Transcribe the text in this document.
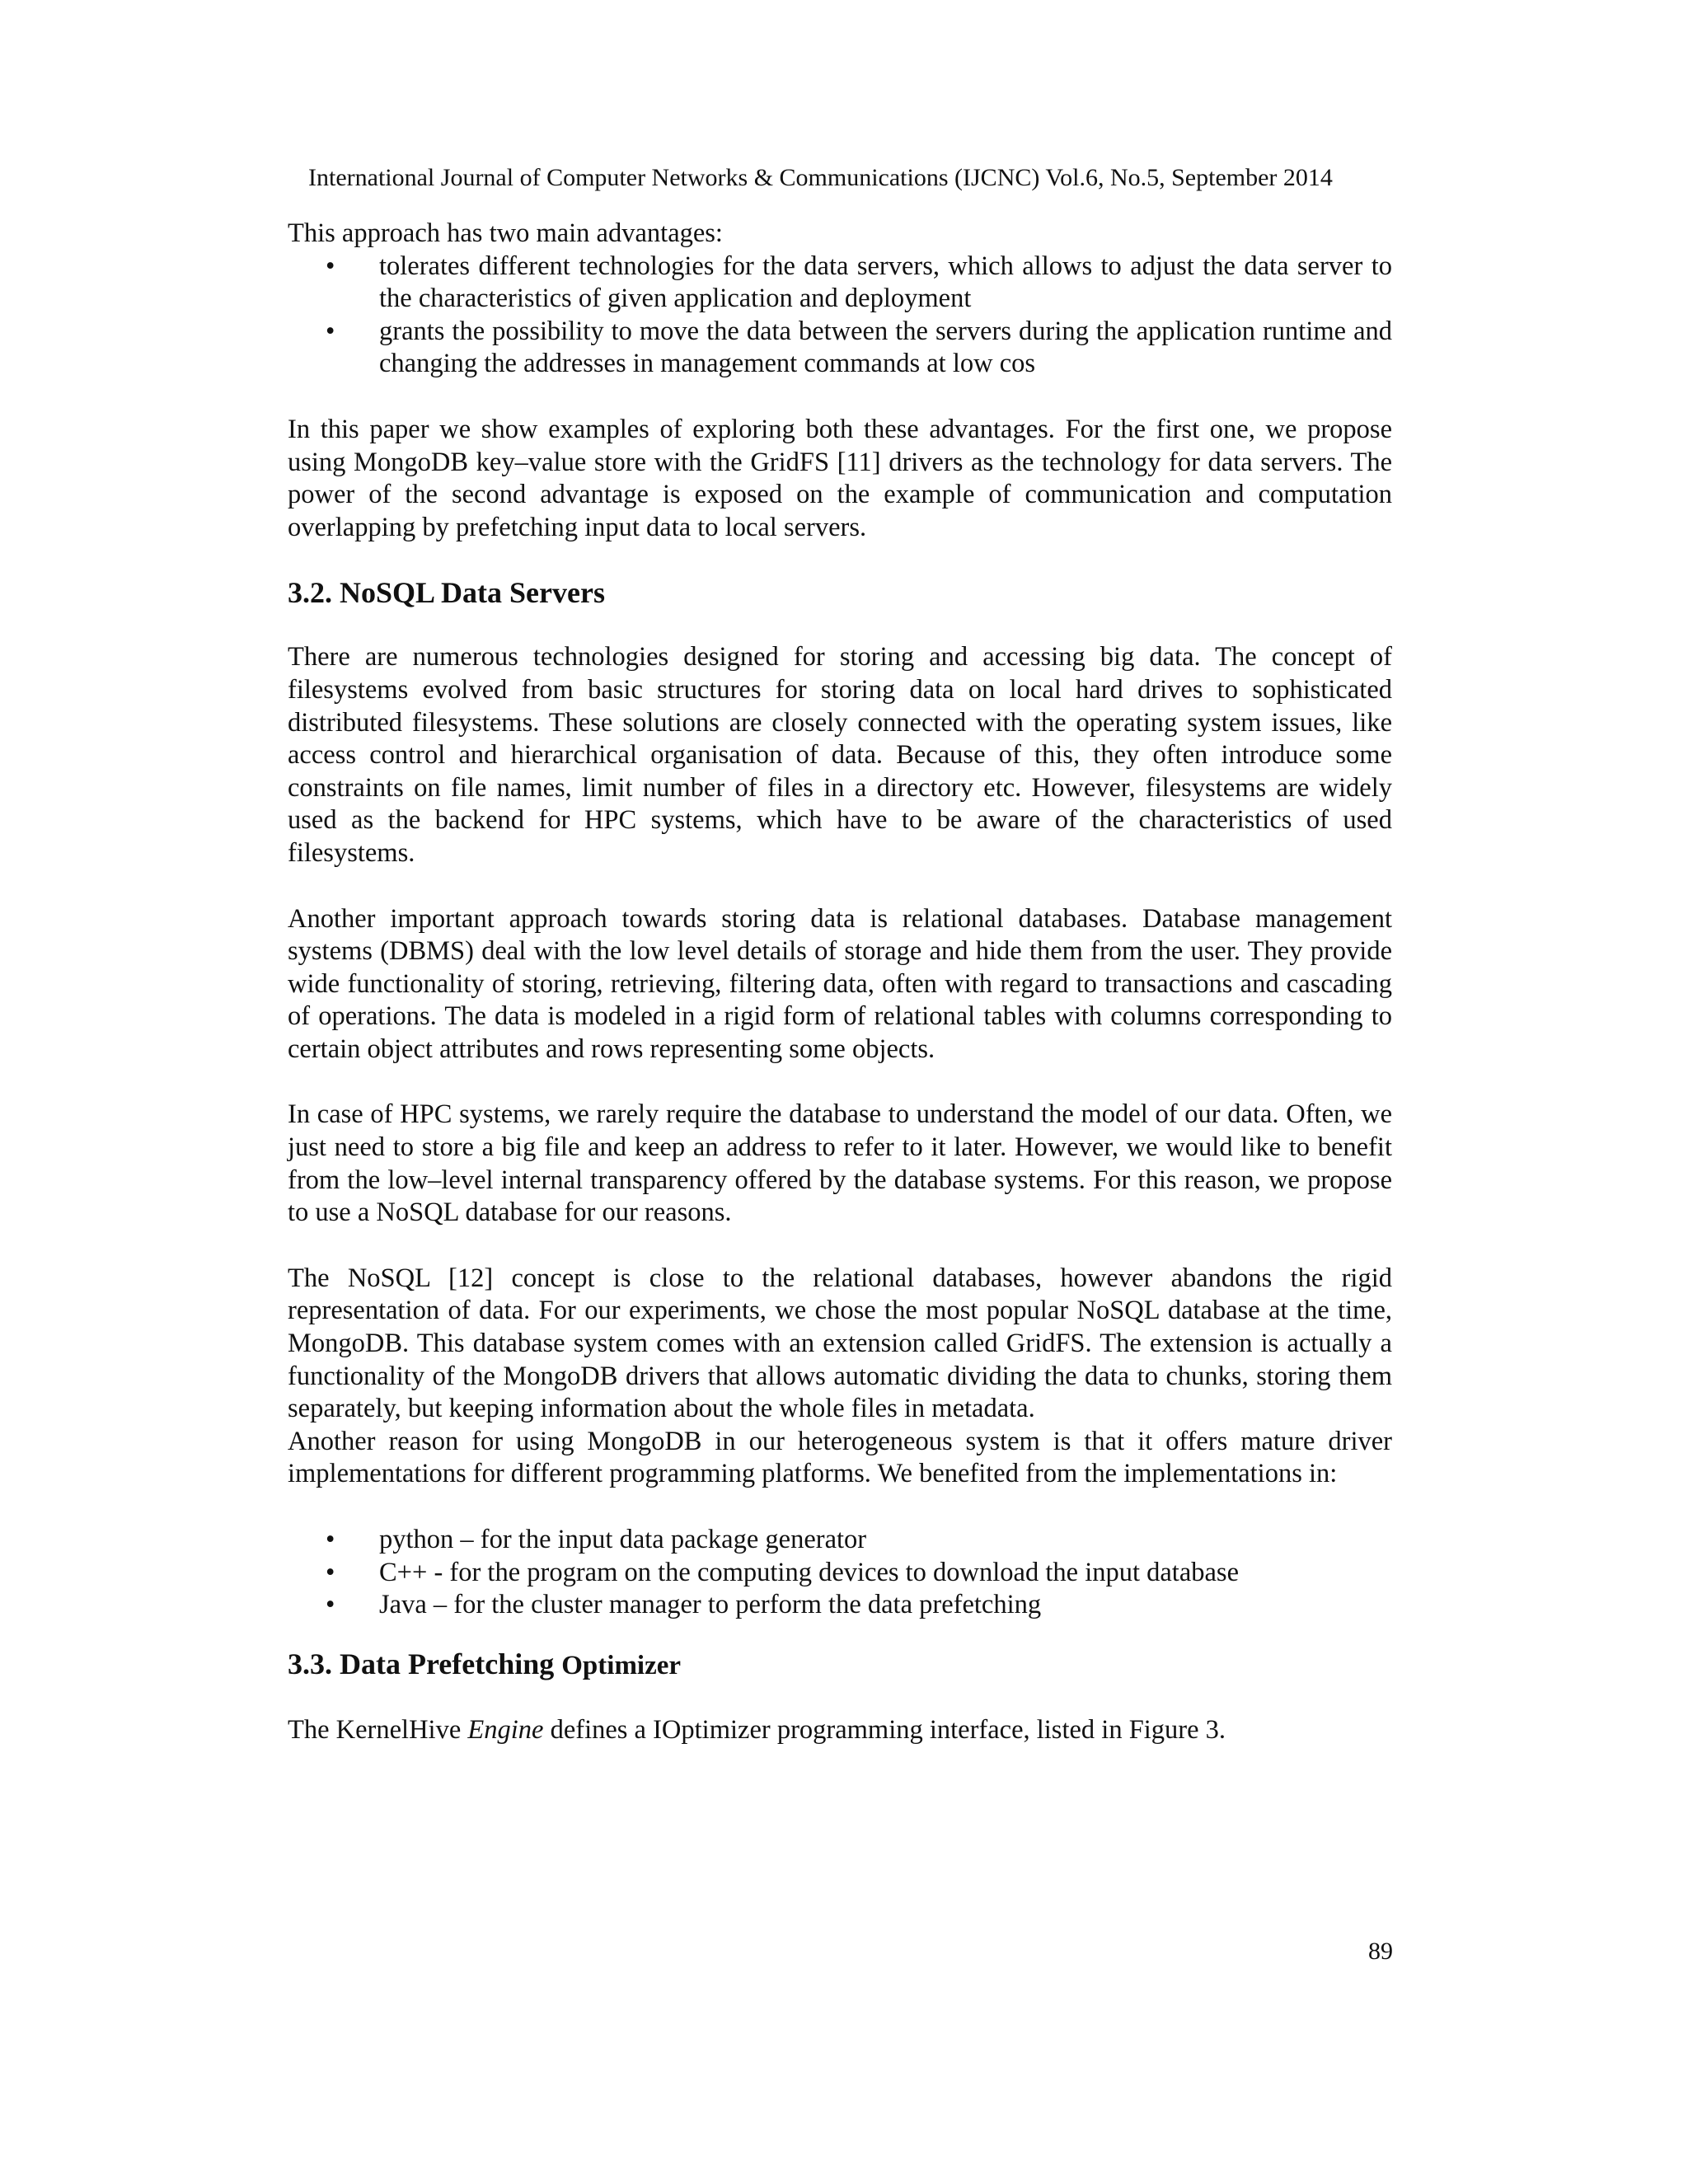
International Journal of Computer Networks & Communications (IJCNC) Vol.6, No.5, September 2014

This approach has two main advantages:

• tolerates different technologies for the data servers, which allows to adjust the data server to the characteristics of given application and deployment
• grants the possibility to move the data between the servers during the application runtime and changing the addresses in management commands at low cos

In this paper we show examples of exploring both these advantages. For the first one, we propose using MongoDB key–value store with the GridFS [11] drivers as the technology for data servers. The power of the second advantage is exposed on the example of communication and computation overlapping by prefetching input data to local servers.

3.2. NoSQL Data Servers

There are numerous technologies designed for storing and accessing big data. The concept of filesystems evolved from basic structures for storing data on local hard drives to sophisticated distributed filesystems. These solutions are closely connected with the operating system issues, like access control and hierarchical organisation of data. Because of this, they often introduce some constraints on file names, limit number of files in a directory etc. However, filesystems are widely used as the backend for HPC systems, which have to be aware of the characteristics of used filesystems.

Another important approach towards storing data is relational databases. Database management systems (DBMS) deal with the low level details of storage and hide them from the user. They provide wide functionality of storing, retrieving, filtering data, often with regard to transactions and cascading of operations. The data is modeled in a rigid form of relational tables with columns corresponding to certain object attributes and rows representing some objects.

In case of HPC systems, we rarely require the database to understand the model of our data. Often, we just need to store a big file and keep an address to refer to it later. However, we would like to benefit from the low–level internal transparency offered by the database systems. For this reason, we propose to use a NoSQL database for our reasons.

The NoSQL [12] concept is close to the relational databases, however abandons the rigid representation of data. For our experiments, we chose the most popular NoSQL database at the time, MongoDB. This database system comes with an extension called GridFS. The extension is actually a functionality of the MongoDB drivers that allows automatic dividing the data to chunks, storing them separately, but keeping information about the whole files in metadata.

Another reason for using MongoDB in our heterogeneous system is that it offers mature driver implementations for different programming platforms. We benefited from the implementations in:

• python – for the input data package generator
• C++ - for the program on the computing devices to download the input database
• Java – for the cluster manager to perform the data prefetching
3.3. Data Prefetching Optimizer

The KernelHive Engine defines a IOptimizer programming interface, listed in Figure 3.

89
